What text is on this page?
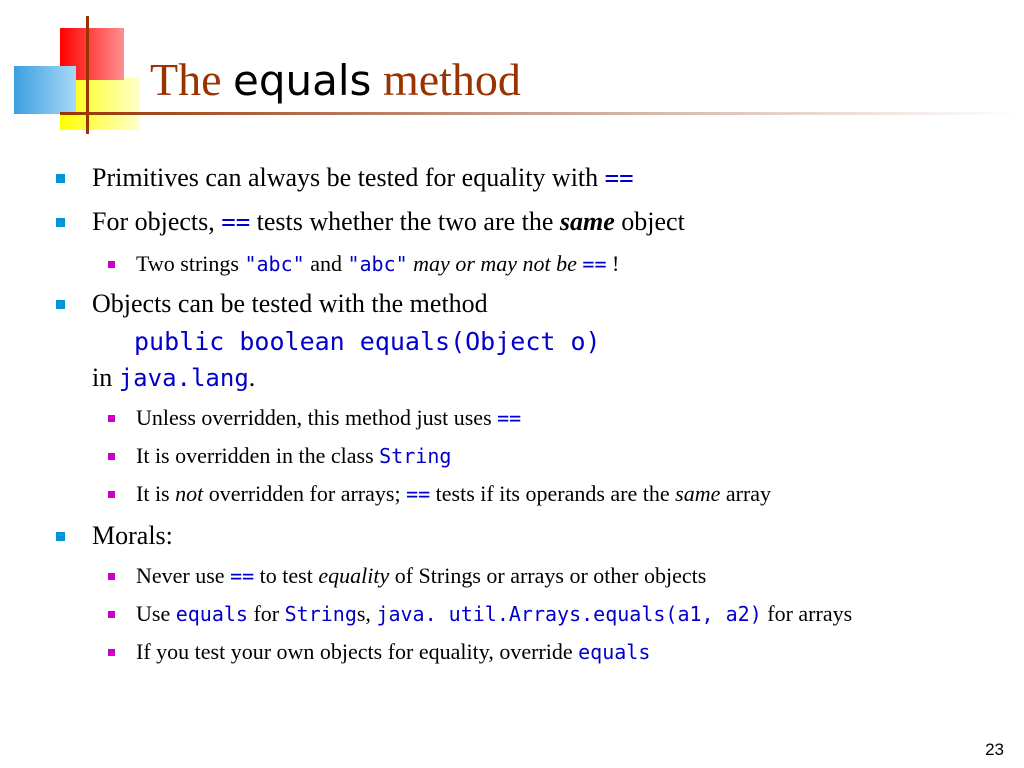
The equals method
Primitives can always be tested for equality with ==
For objects, == tests whether the two are the same object
Two strings "abc" and "abc" may or may not be == !
Objects can be tested with the method
public boolean equals(Object o)
in java.lang.
Unless overridden, this method just uses ==
It is overridden in the class String
It is not overridden for arrays; == tests if its operands are the same array
Morals:
Never use == to test equality of Strings or arrays or other objects
Use equals for Strings, java. util.Arrays.equals(a1, a2) for arrays
If you test your own objects for equality, override equals
23
